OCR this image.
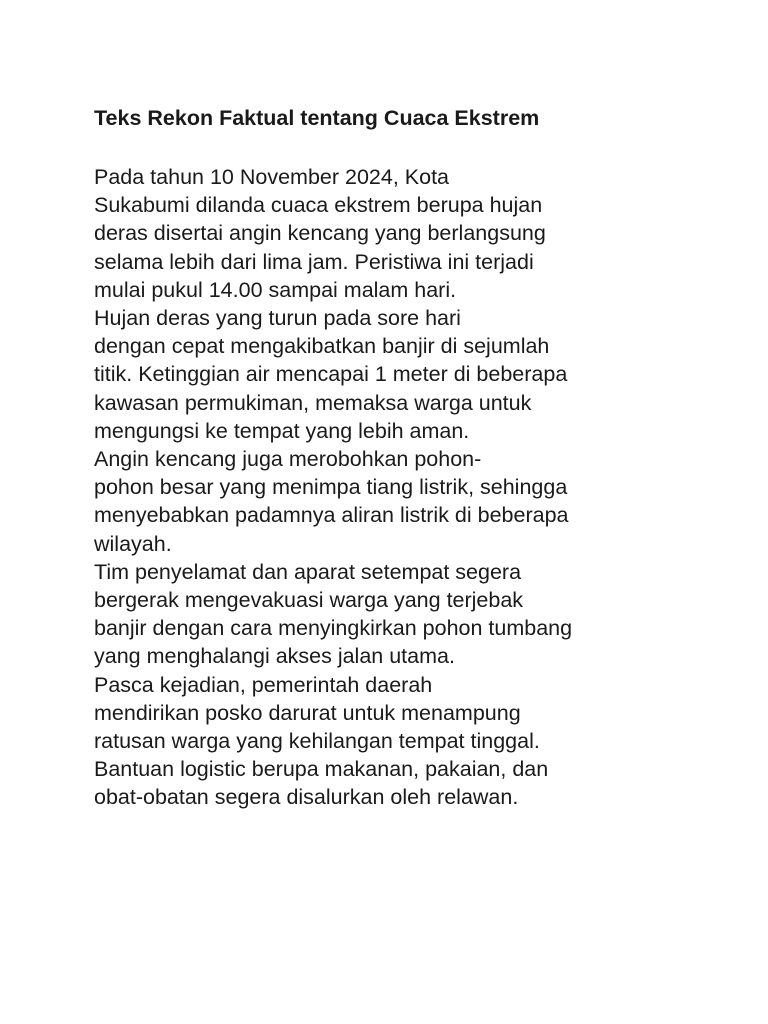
Teks Rekon Faktual tentang Cuaca Ekstrem

Pada tahun 10 November 2024, Kota
Sukabumi dilanda cuaca ekstrem berupa hujan
deras disertai angin kencang yang berlangsung
selama lebih dari lima jam. Peristiwa ini terjadi
mulai pukul 14.00 sampai malam hari.

Hujan deras yang turun pada sore hari
dengan cepat mengakibatkan banjir di sejumlah
titik. Ketinggian air mencapai 1 meter di beberapa
kawasan permukiman, memaksa warga untuk
mengungsi ke tempat yang lebih aman.

Angin kencang juga merobohkan pohon-
pohon besar yang menimpa tiang listrik, sehingga
menyebabkan padamnya aliran listrik di beberapa
wilayah.

Tim penyelamat dan aparat setempat segera
bergerak mengevakuasi warga yang terjebak
banjir dengan cara menyingkirkan pohon tumbang
yang menghalangi akses jalan utama.

Pasca kejadian, pemerintah daerah
mendirikan posko darurat untuk menampung
ratusan warga yang kehilangan tempat tinggal.
Bantuan logistic berupa makanan, pakaian, dan
obat-obatan segera disalurkan oleh relawan.
